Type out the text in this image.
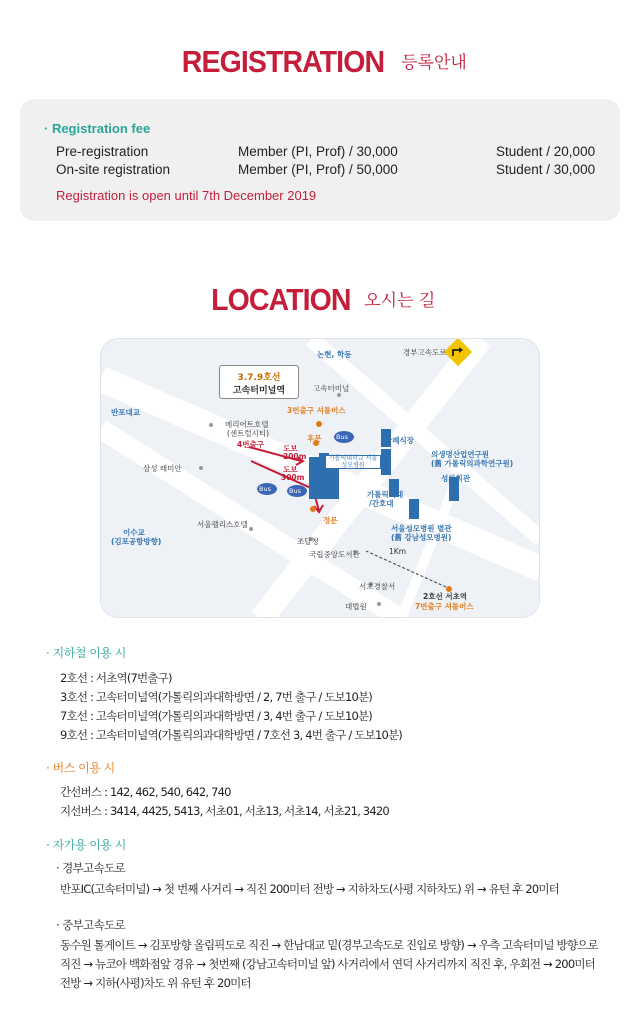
REGISTRATION 등록안내
· Registration fee
Pre-registration	Member (PI, Prof) / 30,000	Student / 20,000
On-site registration	Member (PI, Prof) / 50,000	Student / 30,000
Registration is open until 7th December 2019
LOCATION 오시는 길
3.7.9호선
고속터미널역
가톨릭대학교 서울성모병원
논현, 학동	경부고속도로
고속터미널
반포대교
메리어트호텔
(센트럴시티)
3번출구 셔틀버스
4번출구	도보
200m
도보
300m
후문
정문
Bus
Bus	Bus
장례식장
의생명산업연구원
(舊 가톨릭의과학연구원)
삼성 래미안
가톨릭의대
/간호대
성의회관
서울팰리스호텔
이수교
(김포공항방향)
서울성모병원 별관
(舊 강남성모병원)
조달청
국립중앙도서관	1Km
서초경찰서
대법원
2호선 서초역
7번출구 셔틀버스
· 지하철 이용 시
2호선 : 서초역(7번출구)
3호선 : 고속터미널역(가톨릭의과대학방면 / 2, 7번 출구 / 도보10분)
7호선 : 고속터미널역(가톨릭의과대학방면 / 3, 4번 출구 / 도보10분)
9호선 : 고속터미널역(가톨릭의과대학방면 / 7호선 3, 4번 출구 / 도보10분)
· 버스 이용 시
간선버스 : 142, 462, 540, 642, 740
지선버스 : 3414, 4425, 5413, 서초01, 서초13, 서초14, 서초21, 3420
· 자가용 이용 시
· 경부고속도로
반포IC(고속터미널) → 첫 번째 사거리 → 직진 200미터 전방 → 지하차도(사평 지하차도) 위 → 유턴 후 20미터
· 중부고속도로
동수원 톨게이트 → 김포방향 올림픽도로 직진 → 한남대교 밑(경부고속도로 진입로 방향) → 우측 고속터미널 방향으로 직진 → 뉴코아 백화점앞 경유 → 첫번째 (강남고속터미널 앞) 사거리에서 연덕 사거리까지 직진 후, 우회전 → 200미터 전방 → 지하(사평)차도 위 유턴 후 20미터
